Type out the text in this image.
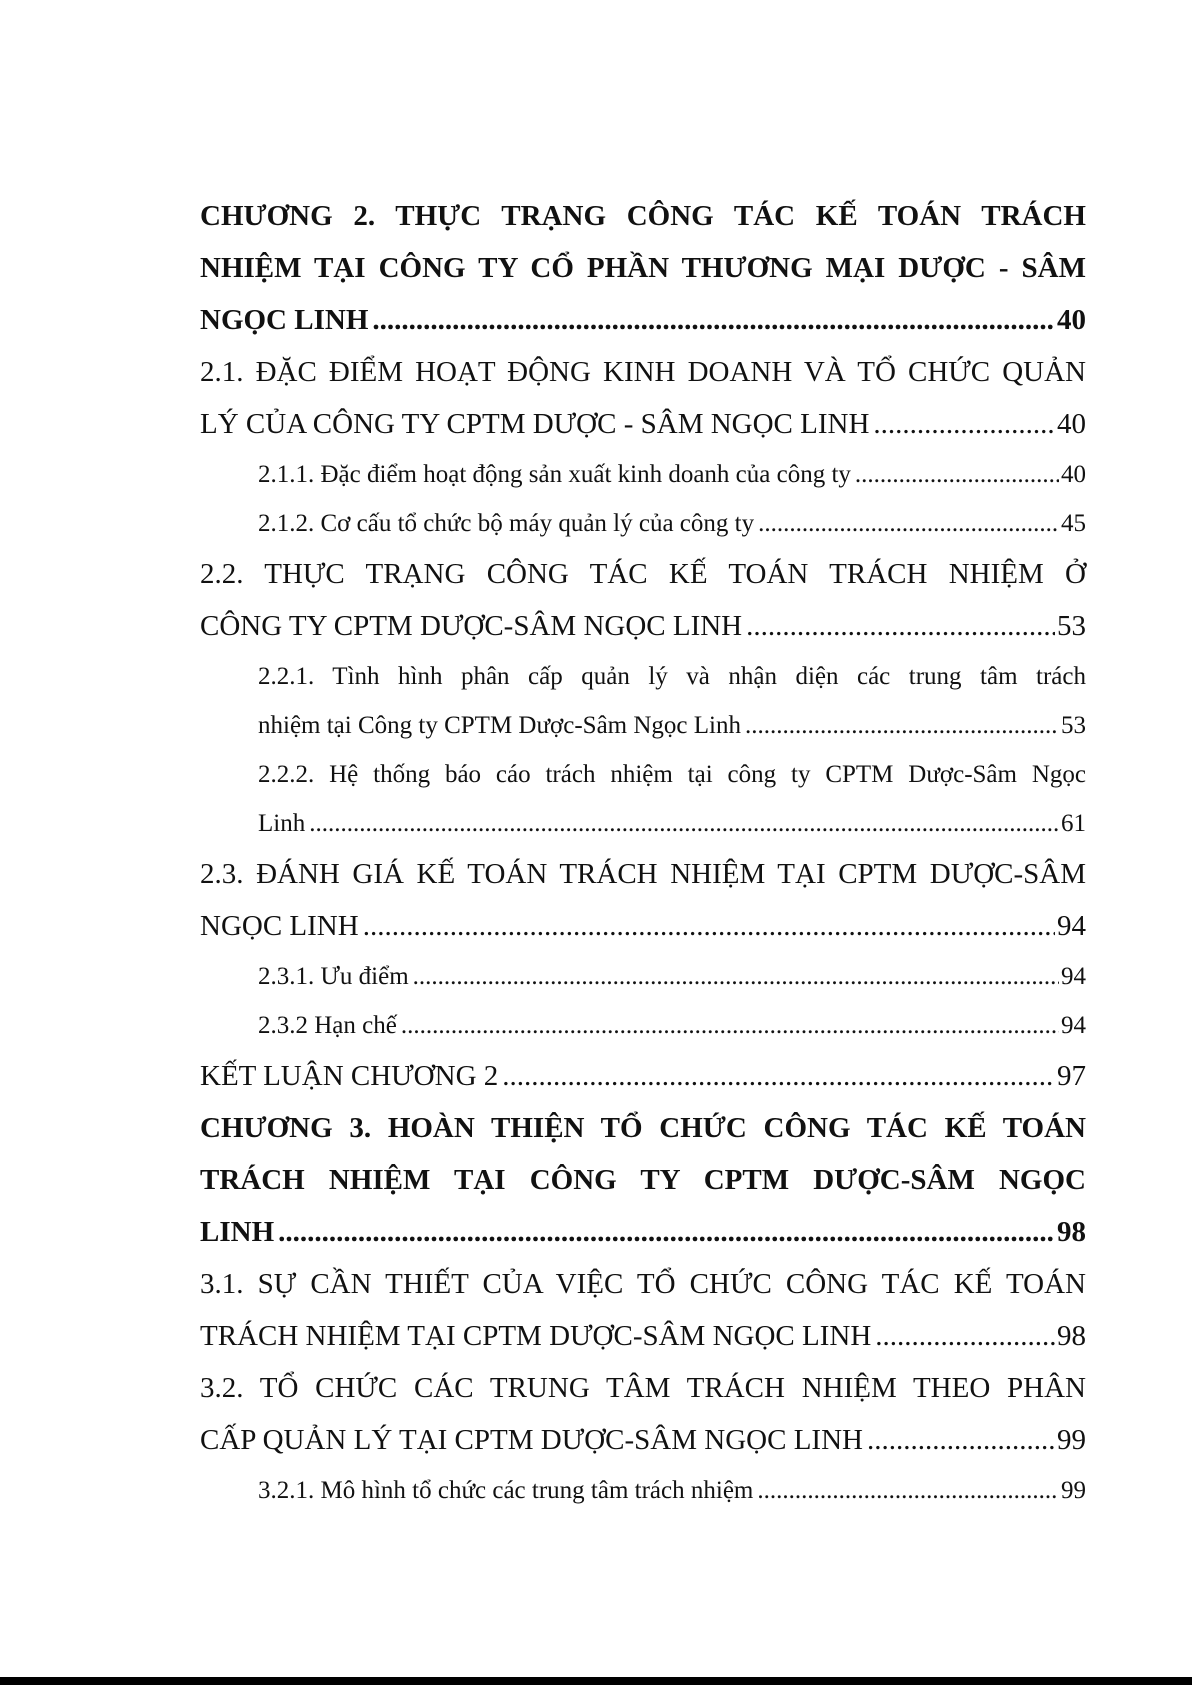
CHƯƠNG 2. THỰC TRẠNG CÔNG TÁC KẾ TOÁN TRÁCH
NHIỆM TẠI CÔNG TY CỔ PHẦN THƯƠNG MẠI DƯỢC - SÂM
NGỌC LINH .....	40
2.1. ĐẶC ĐIỂM HOẠT ĐỘNG KINH DOANH VÀ TỔ CHỨC QUẢN
LÝ CỦA CÔNG TY CPTM DƯỢC - SÂM NGỌC LINH .....	40
2.1.1. Đặc điểm hoạt động sản xuất kinh doanh của công ty .....	40
2.1.2. Cơ cấu tổ chức bộ máy quản lý của công ty .....	45
2.2. THỰC TRẠNG CÔNG TÁC KẾ TOÁN TRÁCH NHIỆM Ở
CÔNG TY CPTM DƯỢC-SÂM NGỌC LINH .....	53
2.2.1. Tình hình phân cấp quản lý và nhận diện các trung tâm trách
nhiệm tại Công ty CPTM Dược-Sâm Ngọc Linh .....	53
2.2.2. Hệ thống báo cáo trách nhiệm tại công ty CPTM Dược-Sâm Ngọc
Linh .....	61
2.3. ĐÁNH GIÁ KẾ TOÁN TRÁCH NHIỆM TẠI CPTM DƯỢC-SÂM
NGỌC LINH .....	94
2.3.1. Ưu điểm .....	94
2.3.2 Hạn chế .....	94
KẾT LUẬN CHƯƠNG 2 .....	97
CHƯƠNG 3. HOÀN THIỆN TỔ CHỨC CÔNG TÁC KẾ TOÁN
TRÁCH NHIỆM TẠI CÔNG TY CPTM DƯỢC-SÂM NGỌC
LINH .....	98
3.1. SỰ CẦN THIẾT CỦA VIỆC TỔ CHỨC CÔNG TÁC KẾ TOÁN
TRÁCH NHIỆM TẠI CPTM DƯỢC-SÂM NGỌC LINH .....	98
3.2. TỔ CHỨC CÁC TRUNG TÂM TRÁCH NHIỆM THEO PHÂN
CẤP QUẢN LÝ TẠI CPTM DƯỢC-SÂM NGỌC LINH .....	99
3.2.1. Mô hình tổ chức các trung tâm trách nhiệm .....	99
